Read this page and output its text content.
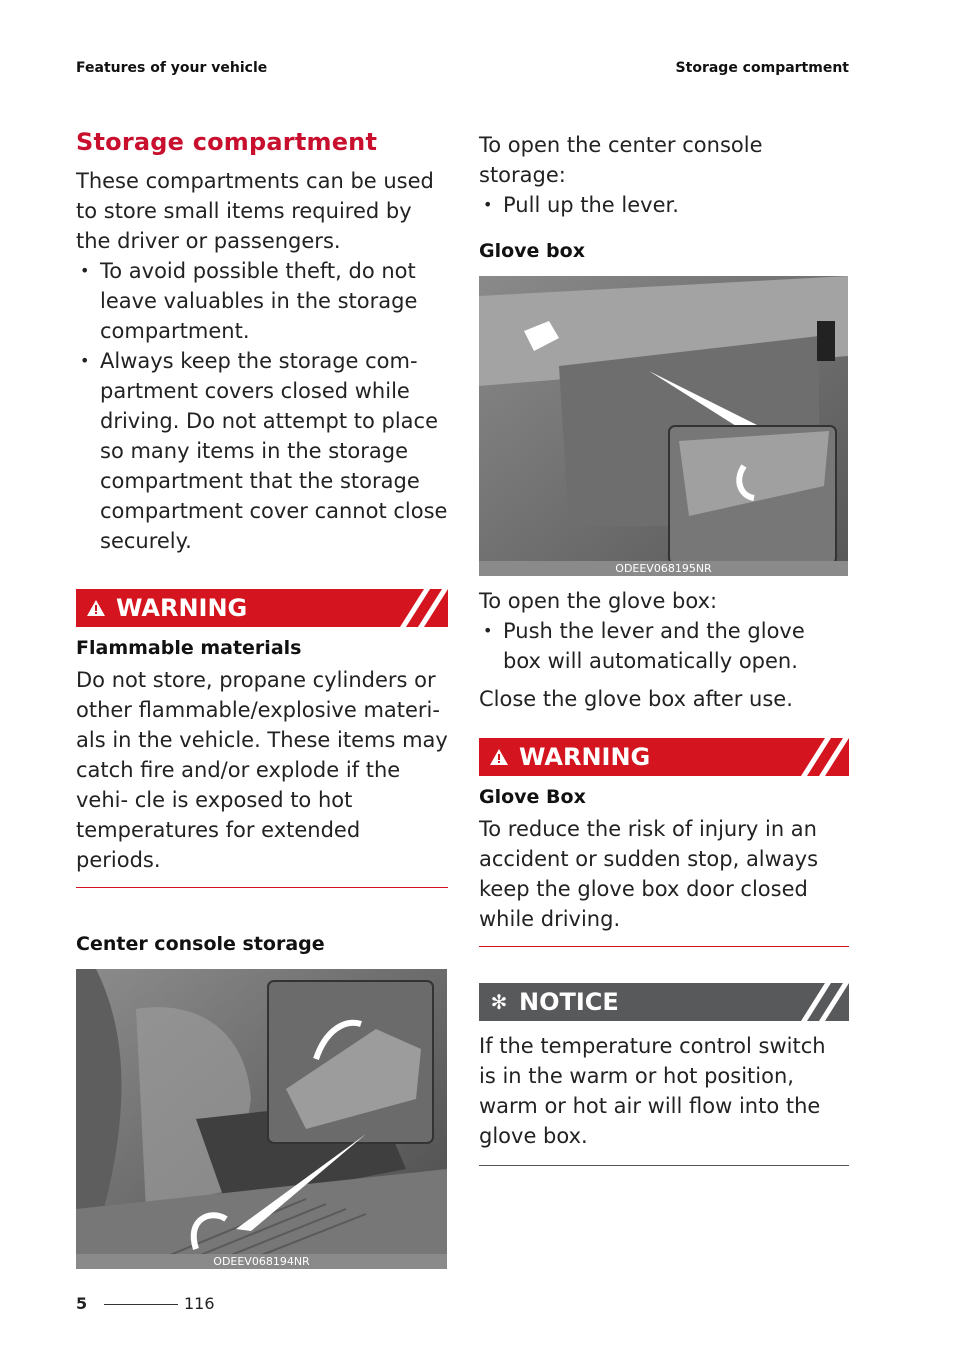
Features of your vehicle	Storage compartment
Storage compartment

These compartments can be used to store small items required by the driver or passengers.

• To avoid possible theft, do not leave valuables in the storage compartment.
• Always keep the storage com- partment covers closed while driving. Do not attempt to place so many items in the storage compartment that the storage compartment cover cannot close securely.
WARNING

Flammable materials

Do not store, propane cylinders or other flammable/explosive materi- als in the vehicle. These items may catch fire and/or explode if the vehi- cle is exposed to hot temperatures for extended periods.

Center console storage

ODEEV068194NR

To open the center console storage:

• Pull up the lever.

Glove box

ODEEV068195NR

To open the glove box:

• Push the lever and the glove box will automatically open.

Close the glove box after use.

WARNING

Glove Box

To reduce the risk of injury in an accident or sudden stop, always keep the glove box door closed while driving.

✻ NOTICE

If the temperature control switch is in the warm or hot position, warm or hot air will flow into the glove box.

5	116
